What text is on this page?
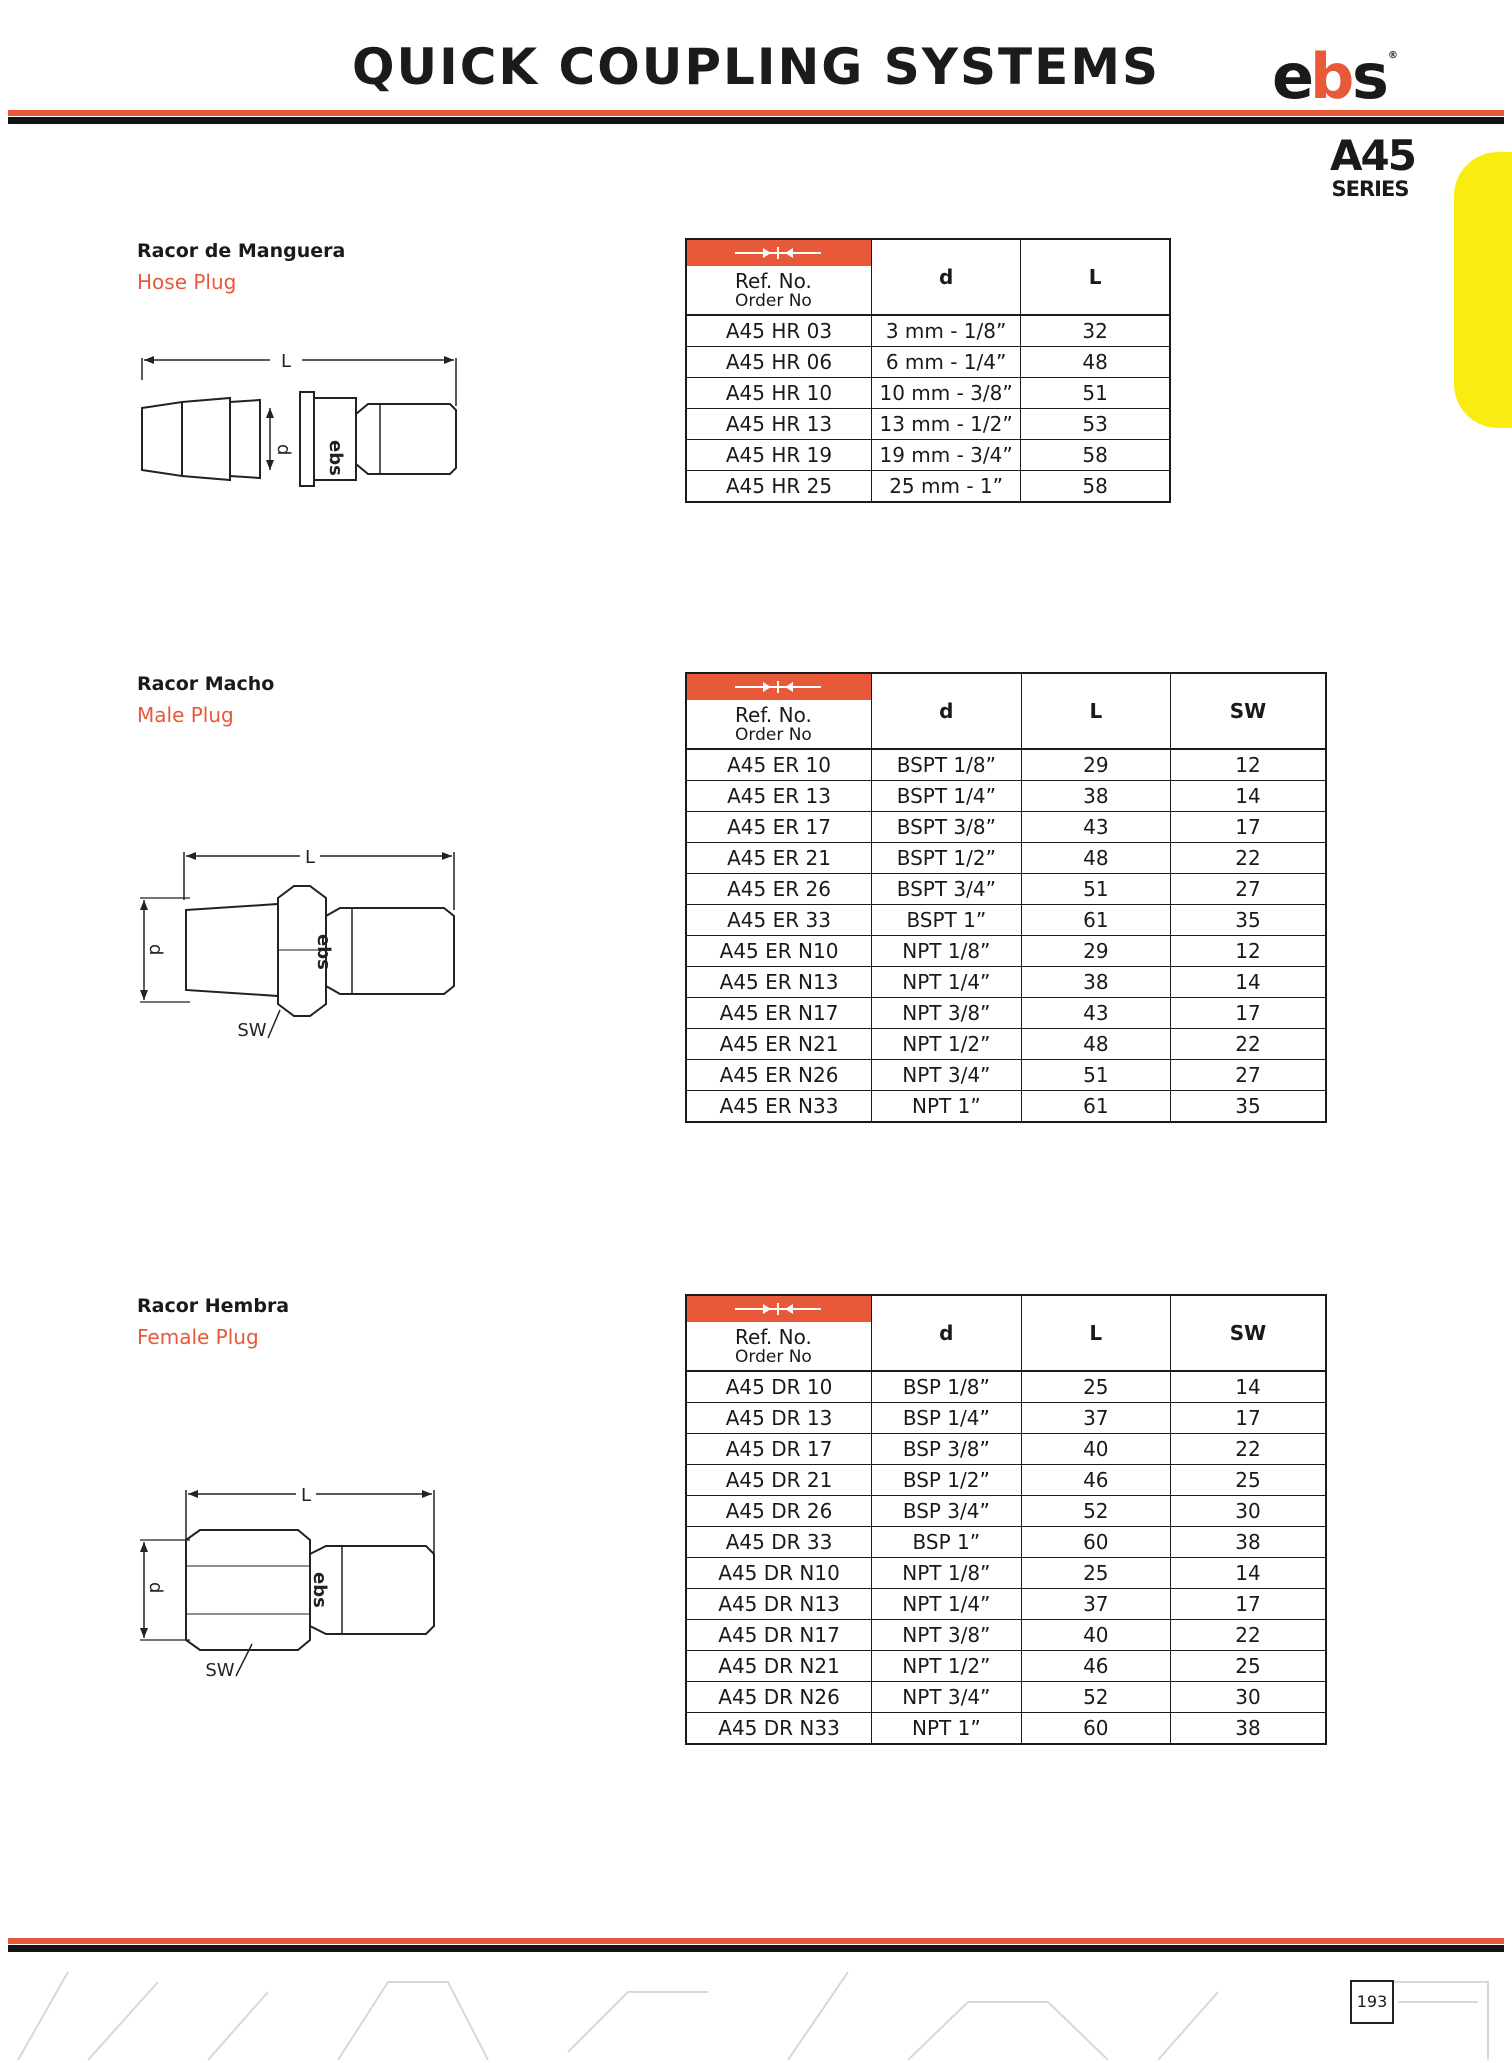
QUICK COUPLING SYSTEMS	e b s ®
A45
SERIES
Racor de Manguera
Hose Plug
L
d ebs
Ref. No.
Order No	d	L
A45 HR 03	3 mm - 1/8”	32
A45 HR 06	6 mm - 1/4”	48
A45 HR 10	10 mm - 3/8”	51
A45 HR 13	13 mm - 1/2”	53
A45 HR 19	19 mm - 3/4”	58
A45 HR 25	25 mm - 1”	58
Racor Macho
Male Plug
L
d	ebs
SW
Ref. No.
Order No	d	L	SW
A45 ER 10	BSPT 1/8”	29	12
A45 ER 13	BSPT 1/4”	38	14
A45 ER 17	BSPT 3/8”	43	17
A45 ER 21	BSPT 1/2”	48	22
A45 ER 26	BSPT 3/4”	51	27
A45 ER 33	BSPT 1”	61	35
A45 ER N10	NPT 1/8”	29	12
A45 ER N13	NPT 1/4”	38	14
A45 ER N17	NPT 3/8”	43	17
A45 ER N21	NPT 1/2”	48	22
A45 ER N26	NPT 3/4”	51	27
A45 ER N33	NPT 1”	61	35
Racor Hembra
Female Plug
L
d	ebs
SW
Ref. No.
Order No	d	L	SW
A45 DR 10	BSP 1/8”	25	14
A45 DR 13	BSP 1/4”	37	17
A45 DR 17	BSP 3/8”	40	22
A45 DR 21	BSP 1/2”	46	25
A45 DR 26	BSP 3/4”	52	30
A45 DR 33	BSP 1”	60	38
A45 DR N10	NPT 1/8”	25	14
A45 DR N13	NPT 1/4”	37	17
A45 DR N17	NPT 3/8”	40	22
A45 DR N21	NPT 1/2”	46	25
A45 DR N26	NPT 3/4”	52	30
A45 DR N33	NPT 1”	60	38
193
